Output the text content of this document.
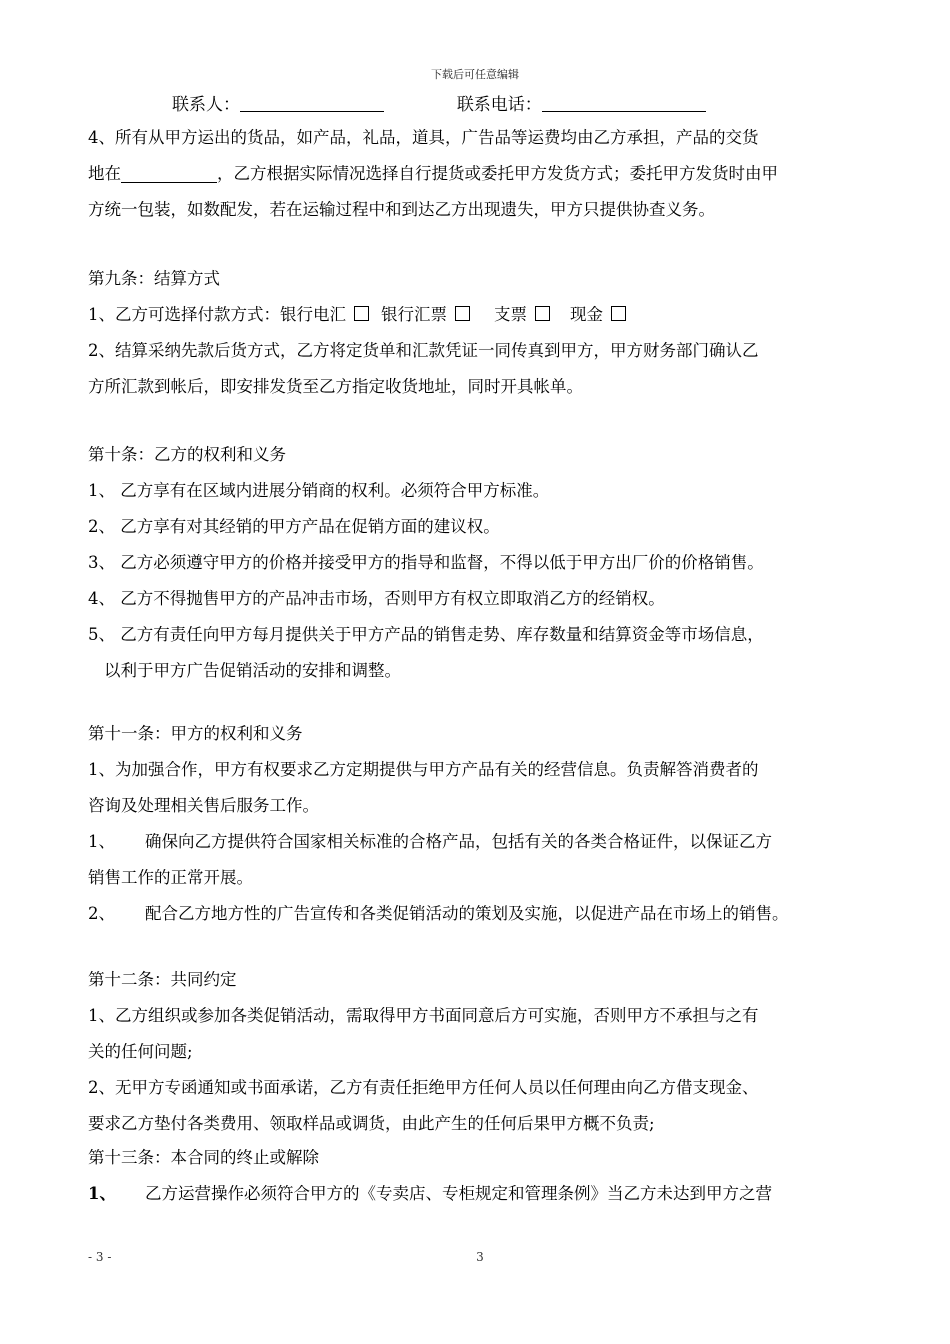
下载后可任意编辑
联系人：	联系电话：
4、所有从甲方运出的货品，如产品，礼品，道具，广告品等运费均由乙方承担，产品的交货
地在	，乙方根据实际情况选择自行提货或委托甲方发货方式；委托甲方发货时由甲
方统一包装，如数配发，若在运输过程中和到达乙方出现遗失，甲方只提供协查义务。
第九条：结算方式
1、乙方可选择付款方式：银行电汇 银行汇票	支票	现金
2、结算采纳先款后货方式，乙方将定货单和汇款凭证一同传真到甲方，甲方财务部门确认乙
方所汇款到帐后，即安排发货至乙方指定收货地址，同时开具帐单。
第十条：乙方的权利和义务
1、 乙方享有在区域内进展分销商的权利。必须符合甲方标准。
2、 乙方享有对其经销的甲方产品在促销方面的建议权。
3、 乙方必须遵守甲方的价格并接受甲方的指导和监督，不得以低于甲方出厂价的价格销售。
4、 乙方不得抛售甲方的产品冲击市场，否则甲方有权立即取消乙方的经销权。
5、 乙方有责任向甲方每月提供关于甲方产品的销售走势、库存数量和结算资金等市场信息，
以利于甲方广告促销活动的安排和调整。
第十一条：甲方的权利和义务
1、为加强合作，甲方有权要求乙方定期提供与甲方产品有关的经营信息。负责解答消费者的
咨询及处理相关售后服务工作。
1、 确保向乙方提供符合国家相关标准的合格产品，包括有关的各类合格证件，以保证乙方
销售工作的正常开展。
2、 配合乙方地方性的广告宣传和各类促销活动的策划及实施，以促进产品在市场上的销售。
第十二条：共同约定
1、乙方组织或参加各类促销活动，需取得甲方书面同意后方可实施，否则甲方不承担与之有
关的任何问题;
2、无甲方专函通知或书面承诺，乙方有责任拒绝甲方任何人员以任何理由向乙方借支现金、
要求乙方垫付各类费用、领取样品或调货，由此产生的任何后果甲方概不负责;
第十三条：本合同的终止或解除
1、 乙方运营操作必须符合甲方的《专卖店、专柜规定和管理条例》当乙方未达到甲方之营
- 3 -	3
